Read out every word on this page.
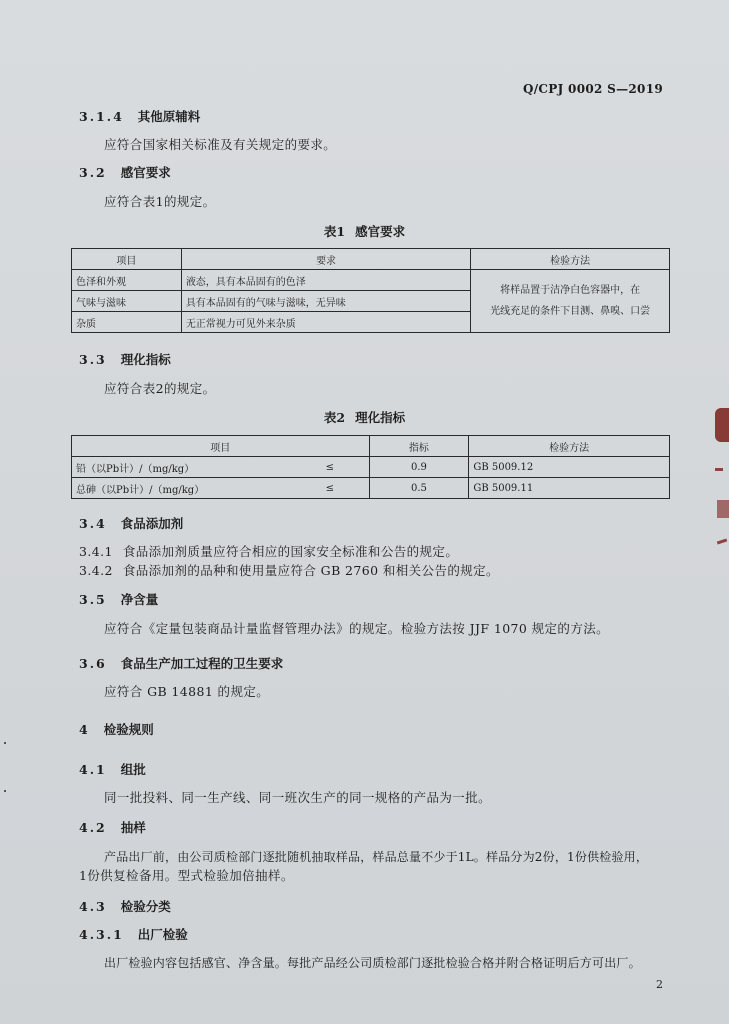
Q/CPJ 0002 S—2019
3.1.4 其他原辅料
应符合国家相关标准及有关规定的要求。
3.2 感官要求
应符合表1的规定。
表1 感官要求
项目	要求	检验方法
色泽和外观	液态，具有本品固有的色泽	将样品置于洁净白色容器中，在
光线充足的条件下目测、鼻嗅、口尝

气味与滋味	具有本品固有的气味与滋味，无异味	
杂质	无正常视力可见外来杂质	
3.3 理化指标
应符合表2的规定。
表2 理化指标
项目		指标	检验方法
铅（以Pb计）/（mg/kg）	≤	0.9	GB 5009.12
总砷（以Pb计）/（mg/kg）	≤	0.5	GB 5009.11
3.4 食品添加剂
3.4.1 食品添加剂质量应符合相应的国家安全标准和公告的规定。
3.4.2 食品添加剂的品种和使用量应符合 GB 2760 和相关公告的规定。
3.5 净含量
应符合《定量包装商品计量监督管理办法》的规定。检验方法按 JJF 1070 规定的方法。
3.6 食品生产加工过程的卫生要求
应符合 GB 14881 的规定。
4 检验规则
4.1 组批
同一批投料、同一生产线、同一班次生产的同一规格的产品为一批。
4.2 抽样
产品出厂前，由公司质检部门逐批随机抽取样品，样品总量不少于1L。样品分为2份，1份供检验用，
1份供复检备用。型式检验加倍抽样。
4.3 检验分类
4.3.1 出厂检验
出厂检验内容包括感官、净含量。每批产品经公司质检部门逐批检验合格并附合格证明后方可出厂。
2
